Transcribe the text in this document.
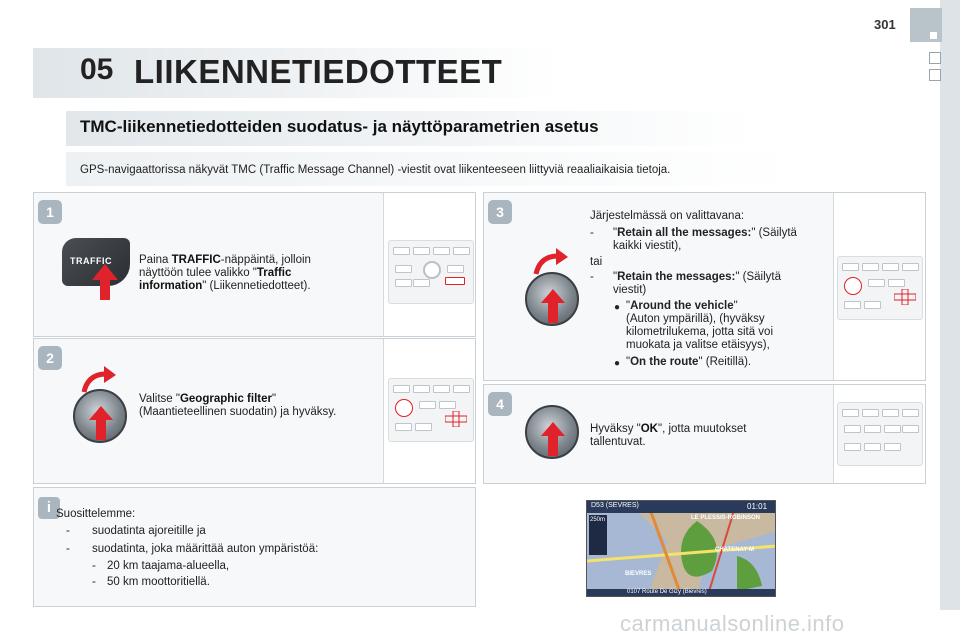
301
05 LIIKENNETIEDOTTEET
TMC-liikennetiedotteiden suodatus- ja näyttöparametrien asetus
GPS-navigaattorissa näkyvät TMC (Traffic Message Channel) -viestit ovat liikenteeseen liittyviä reaaliaikaisia tietoja.
1
TRAFFIC Paina TRAFFIC-näppäintä, jolloin
näyttöön tulee valikko "Traffic
information" (Liikennetiedotteet).
2
Valitse "Geographic filter"
(Maantieteellinen suodatin) ja hyväksy.
3	Järjestelmässä on valittavana:
- "Retain all the messages:" (Säilytä
kaikki viestit),
tai
- "Retain the messages:" (Säilytä
viestit)
● "Around the vehicle"
(Auton ympärillä), (hyväksy
kilometrilukema, jotta sitä voi
muokata ja valitse etäisyys),
● "On the route" (Reitillä).
4
Hyväksy "OK", jotta muutokset
tallentuvat.
i Suosittelemme:
- suodatinta ajoreitille ja
- suodatinta, joka määrittää auton ympäristöä:
- 20 km taajama-alueella,
- 50 km moottoritiellä.
D53 (SEVRES)	01:01
250m	LE PLESSIS-ROBINSON
CHATENAY-M
BIEVRES
0107 Route De Gizy (Bievres)
carmanualsonline.info
